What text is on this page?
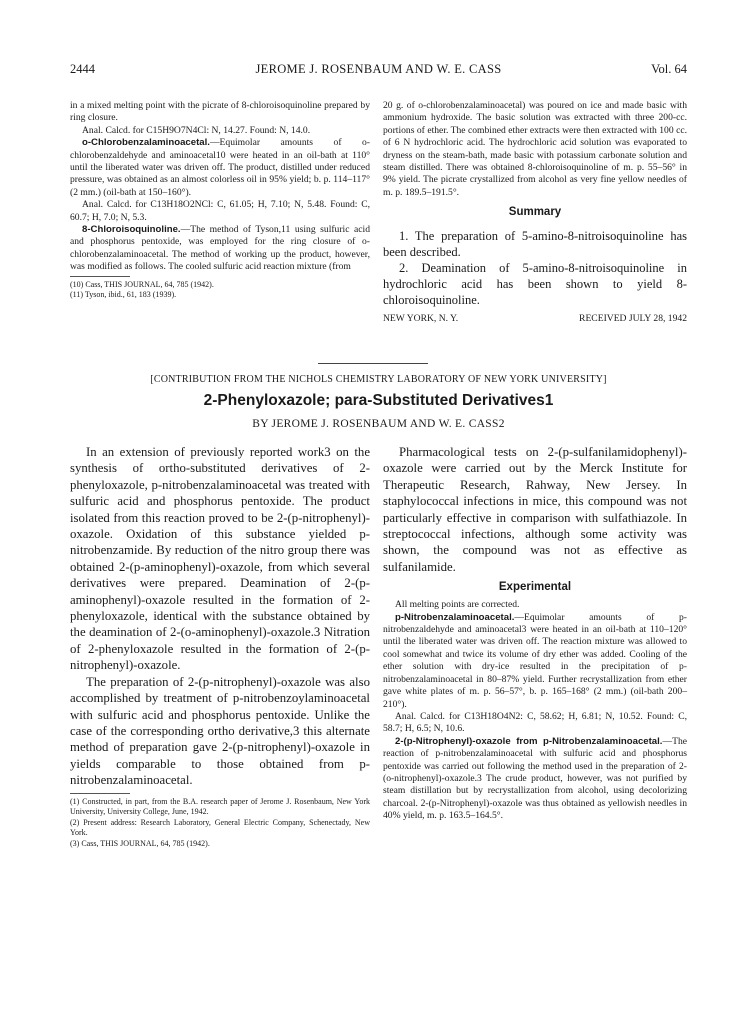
2444	JEROME J. ROSENBAUM AND W. E. CASS	Vol. 64

in a mixed melting point with the picrate of 8-chloroisoquinoline prepared by ring closure.

Anal. Calcd. for C15H9O7N4Cl: N, 14.27. Found: N, 14.0.

o-Chlorobenzalaminoacetal.—Equimolar amounts of o-chlorobenzaldehyde and aminoacetal10 were heated in an oil-bath at 110° until the liberated water was driven off. The product, distilled under reduced pressure, was obtained as an almost colorless oil in 95% yield; b. p. 114–117° (2 mm.) (oil-bath at 150–160°).

Anal. Calcd. for C13H18O2NCl: C, 61.05; H, 7.10; N, 5.48. Found: C, 60.7; H, 7.0; N, 5.3.

8-Chloroisoquinoline.—The method of Tyson,11 using sulfuric acid and phosphorus pentoxide, was employed for the ring closure of o-chlorobenzalaminoacetal. The method of working up the product, however, was modified as follows. The cooled sulfuric acid reaction mixture (from

(10) Cass, THIS JOURNAL, 64, 785 (1942).

(11) Tyson, ibid., 61, 183 (1939).

20 g. of o-chlorobenzalaminoacetal) was poured on ice and made basic with ammonium hydroxide. The basic solution was extracted with three 200-cc. portions of ether. The combined ether extracts were then extracted with 100 cc. of 6 N hydrochloric acid. The hydrochloric acid solution was evaporated to dryness on the steam-bath, made basic with potassium carbonate solution and steam distilled. There was obtained 8-chloroisoquinoline of m. p. 55–56° in 9% yield. The picrate crystallized from alcohol as very fine yellow needles of m. p. 189.5–191.5°.

Summary

1. The preparation of 5-amino-8-nitroisoquinoline has been described.

2. Deamination of 5-amino-8-nitroisoquinoline in hydrochloric acid has been shown to yield 8-chloroisoquinoline.

NEW YORK, N. Y.	RECEIVED JULY 28, 1942
[CONTRIBUTION FROM THE NICHOLS CHEMISTRY LABORATORY OF NEW YORK UNIVERSITY]
2-Phenyloxazole; para-Substituted Derivatives1
BY JEROME J. ROSENBAUM AND W. E. CASS2

In an extension of previously reported work3 on the synthesis of ortho-substituted derivatives of 2-phenyloxazole, p-nitrobenzalaminoacetal was treated with sulfuric acid and phosphorus pentoxide. The product isolated from this reaction proved to be 2-(p-nitrophenyl)-oxazole. Oxidation of this substance yielded p-nitrobenzamide. By reduction of the nitro group there was obtained 2-(p-aminophenyl)-oxazole, from which several derivatives were prepared. Deamination of 2-(p-aminophenyl)-oxazole resulted in the formation of 2-phenyloxazole, identical with the substance obtained by the deamination of 2-(o-aminophenyl)-oxazole.3 Nitration of 2-phenyloxazole resulted in the formation of 2-(p-nitrophenyl)-oxazole.

The preparation of 2-(p-nitrophenyl)-oxazole was also accomplished by treatment of p-nitrobenzoylaminoacetal with sulfuric acid and phosphorus pentoxide. Unlike the case of the corresponding ortho derivative,3 this alternate method of preparation gave 2-(p-nitrophenyl)-oxazole in yields comparable to those obtained from p-nitrobenzalaminoacetal.

(1) Constructed, in part, from the B.A. research paper of Jerome J. Rosenbaum, New York University, University College, June, 1942.

(2) Present address: Research Laboratory, General Electric Company, Schenectady, New York.

(3) Cass, THIS JOURNAL, 64, 785 (1942).

Pharmacological tests on 2-(p-sulfanilamidophenyl)-oxazole were carried out by the Merck Institute for Therapeutic Research, Rahway, New Jersey. In staphylococcal infections in mice, this compound was not particularly effective in comparison with sulfathiazole. In streptococcal infections, although some activity was shown, the compound was not as effective as sulfanilamide.

Experimental

All melting points are corrected.

p-Nitrobenzalaminoacetal.—Equimolar amounts of p-nitrobenzaldehyde and aminoacetal3 were heated in an oil-bath at 110–120° until the liberated water was driven off. The reaction mixture was allowed to cool somewhat and twice its volume of dry ether was added. Cooling of the ether solution with dry-ice resulted in the precipitation of p-nitrobenzalaminoacetal in 80–87% yield. Further recrystallization from ether gave white plates of m. p. 56–57°, b. p. 165–168° (2 mm.) (oil-bath 200–210°).

Anal. Calcd. for C13H18O4N2: C, 58.62; H, 6.81; N, 10.52. Found: C, 58.7; H, 6.5; N, 10.6.

2-(p-Nitrophenyl)-oxazole from p-Nitrobenzalaminoacetal.—The reaction of p-nitrobenzalaminoacetal with sulfuric acid and phosphorus pentoxide was carried out following the method used in the preparation of 2-(o-nitrophenyl)-oxazole.3 The crude product, however, was not purified by steam distillation but by recrystallization from alcohol, using decolorizing charcoal. 2-(p-Nitrophenyl)-oxazole was thus obtained as yellowish needles in 40% yield, m. p. 163.5–164.5°.
